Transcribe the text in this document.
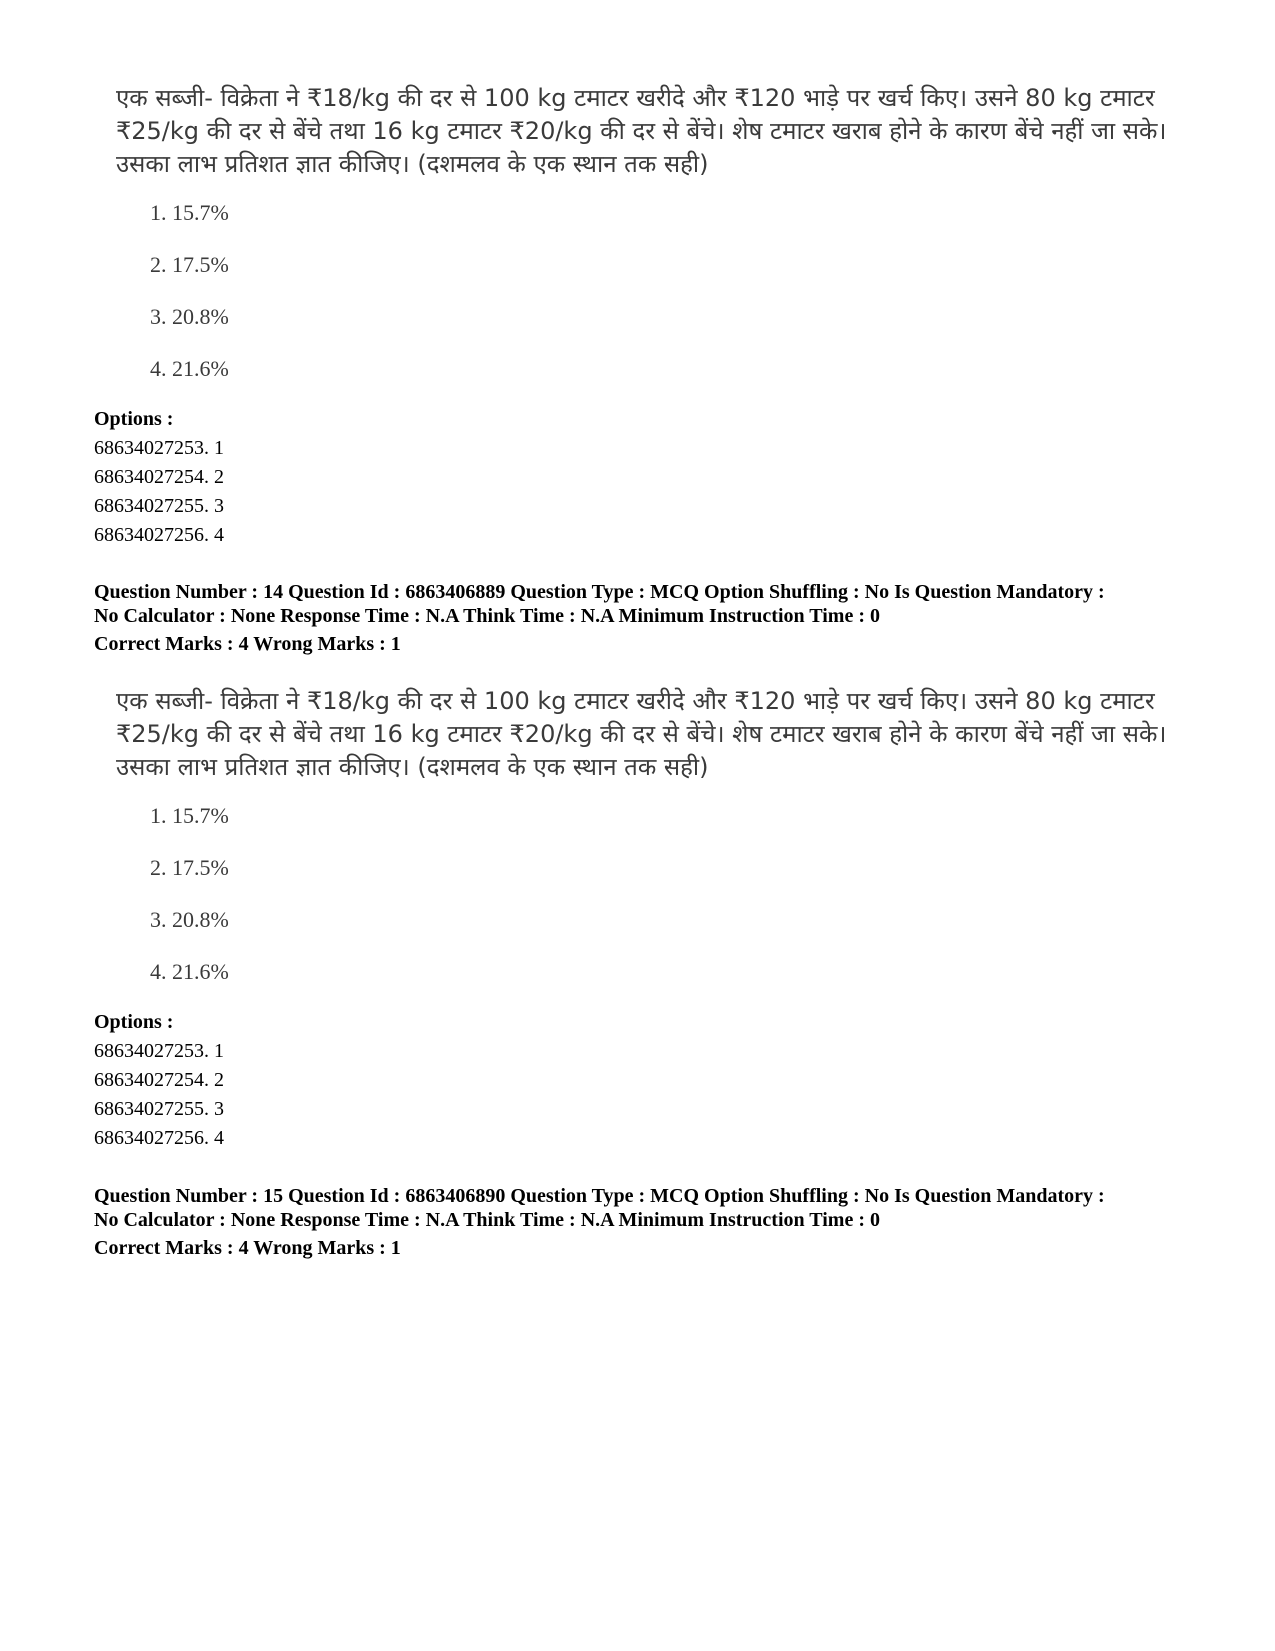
एक सब्जी- विक्रेता ने ₹18/kg की दर से 100 kg टमाटर खरीदे और ₹120 भाड़े पर खर्च किए। उसने 80 kg टमाटर ₹25/kg की दर से बेंचे तथा 16 kg टमाटर ₹20/kg की दर से बेंचे। शेष टमाटर खराब होने के कारण बेंचे नहीं जा सके। उसका लाभ प्रतिशत ज्ञात कीजिए। (दशमलव के एक स्थान तक सही)

1. 15.7%
2. 17.5%
3. 20.8%
4. 21.6%
Options :
68634027253. 1
68634027254. 2
68634027255. 3
68634027256. 4
Question Number : 14 Question Id : 6863406889 Question Type : MCQ Option Shuffling : No Is Question Mandatory :
No Calculator : None Response Time : N.A Think Time : N.A Minimum Instruction Time : 0
Correct Marks : 4 Wrong Marks : 1

एक सब्जी- विक्रेता ने ₹18/kg की दर से 100 kg टमाटर खरीदे और ₹120 भाड़े पर खर्च किए। उसने 80 kg टमाटर ₹25/kg की दर से बेंचे तथा 16 kg टमाटर ₹20/kg की दर से बेंचे। शेष टमाटर खराब होने के कारण बेंचे नहीं जा सके। उसका लाभ प्रतिशत ज्ञात कीजिए। (दशमलव के एक स्थान तक सही)

1. 15.7%
2. 17.5%
3. 20.8%
4. 21.6%
Options :
68634027253. 1
68634027254. 2
68634027255. 3
68634027256. 4
Question Number : 15 Question Id : 6863406890 Question Type : MCQ Option Shuffling : No Is Question Mandatory :
No Calculator : None Response Time : N.A Think Time : N.A Minimum Instruction Time : 0
Correct Marks : 4 Wrong Marks : 1
